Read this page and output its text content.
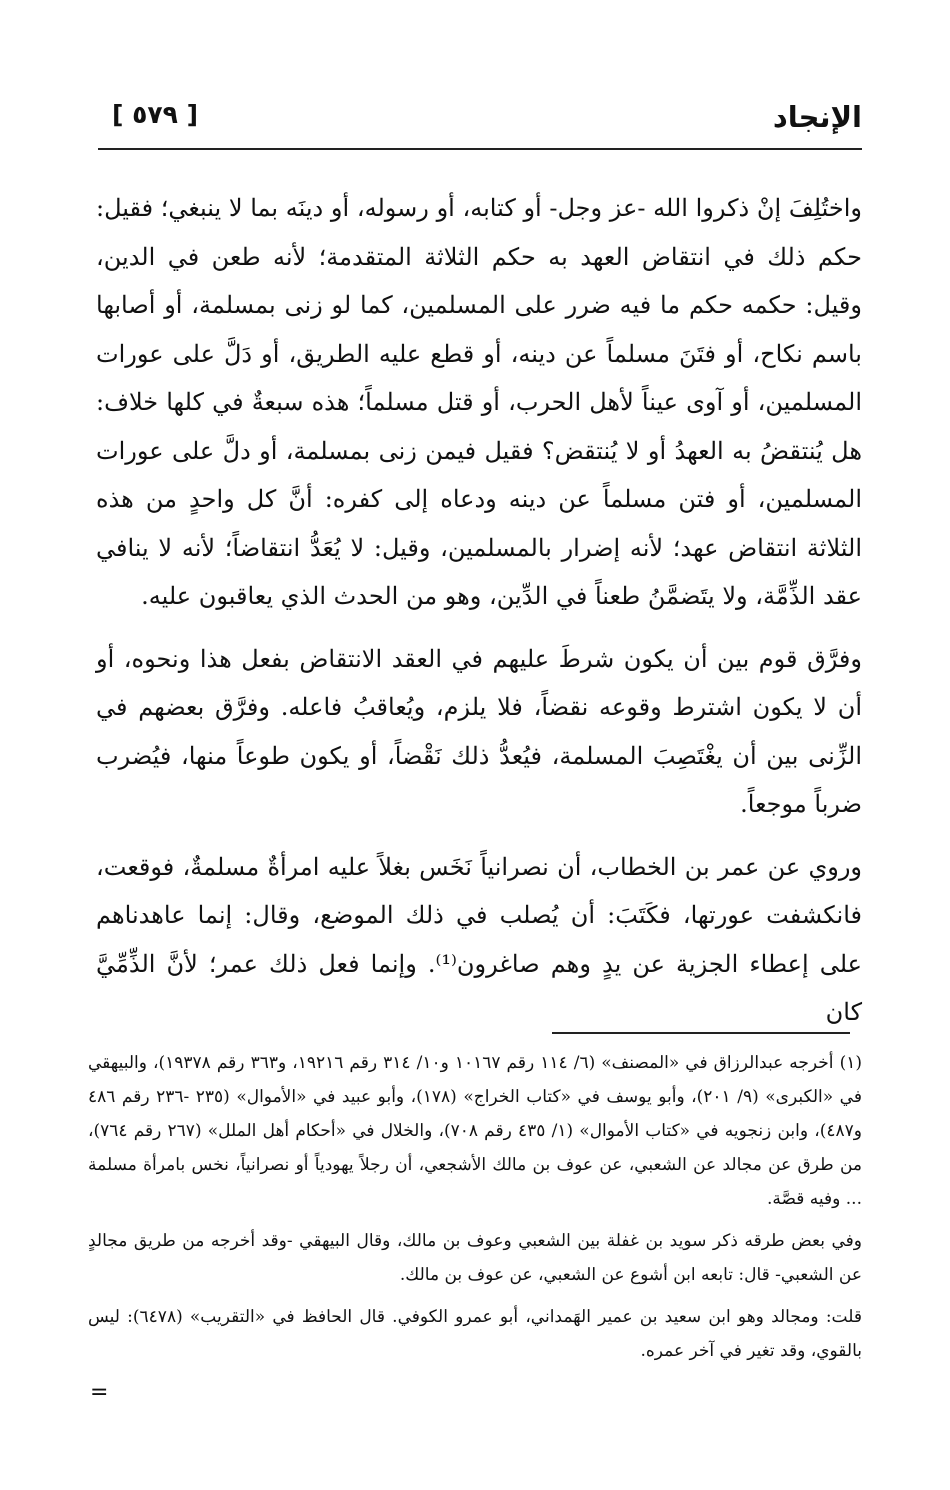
الإنجاد
[ ٥٧٩ ]

واختُلِفَ إنْ ذكروا الله -عز وجل- أو كتابه، أو رسوله، أو دينَه بما لا ينبغي؛ فقيل: حكم ذلك في انتقاض العهد به حكم الثلاثة المتقدمة؛ لأنه طعن في الدين، وقيل: حكمه حكم ما فيه ضرر على المسلمين، كما لو زنى بمسلمة، أو أصابها باسم نكاح، أو فتَنَ مسلماً عن دينه، أو قطع عليه الطريق، أو دَلَّ على عورات المسلمين، أو آوى عيناً لأهل الحرب، أو قتل مسلماً؛ هذه سبعةٌ في كلها خلاف: هل يُنتقضُ به العهدُ أو لا يُنتقض؟ فقيل فيمن زنى بمسلمة، أو دلَّ على عورات المسلمين، أو فتن مسلماً عن دينه ودعاه إلى كفره: أنَّ كل واحدٍ من هذه الثلاثة انتقاض عهد؛ لأنه إضرار بالمسلمين، وقيل: لا يُعَدُّ انتقاضاً؛ لأنه لا ينافي عقد الذِّمَّة، ولا يتَضمَّنُ طعناً في الدِّين، وهو من الحدث الذي يعاقبون عليه.

وفرَّق قوم بين أن يكون شرطَ عليهم في العقد الانتقاض بفعل هذا ونحوه، أو أن لا يكون اشترط وقوعه نقضاً، فلا يلزم، ويُعاقبُ فاعله. وفرَّق بعضهم في الزِّنى بين أن يغْتَصِبَ المسلمة، فيُعدُّ ذلك نَقْضاً، أو يكون طوعاً منها، فيُضرب ضرباً موجعاً.

وروي عن عمر بن الخطاب، أن نصرانياً نَخَس بغلاً عليه امرأةٌ مسلمةٌ، فوقعت، فانكشفت عورتها، فكَتَبَ: أن يُصلب في ذلك الموضع، وقال: إنما عاهدناهم على إعطاء الجزية عن يدٍ وهم صاغرون⁽¹⁾. وإنما فعل ذلك عمر؛ لأنَّ الذِّمِّيَّ كان

(١) أخرجه عبدالرزاق في «المصنف» (٦/ ١١٤ رقم ١٠١٦٧ و١٠/ ٣١٤ رقم ١٩٢١٦، و٣٦٣ رقم ١٩٣٧٨)، والبيهقي في «الكبرى» (٩/ ٢٠١)، وأبو يوسف في «كتاب الخراج» (١٧٨)، وأبو عبيد في «الأموال» (٢٣٥ -٢٣٦ رقم ٤٨٦ و٤٨٧)، وابن زنجويه في «كتاب الأموال» (١/ ٤٣٥ رقم ٧٠٨)، والخلال في «أحكام أهل الملل» (٢٦٧ رقم ٧٦٤)، من طرق عن مجالد عن الشعبي، عن عوف بن مالك الأشجعي، أن رجلاً يهودياً أو نصرانياً، نخس بامرأة مسلمة ... وفيه قصَّة.

وفي بعض طرقه ذكر سويد بن غفلة بين الشعبي وعوف بن مالك، وقال البيهقي -وقد أخرجه من طريق مجالدٍ عن الشعبي- قال: تابعه ابن أشوع عن الشعبي، عن عوف بن مالك.

قلت: ومجالد وهو ابن سعيد بن عمير الهَمداني، أبو عمرو الكوفي. قال الحافظ في «التقريب» (٦٤٧٨): ليس بالقوي، وقد تغير في آخر عمره.

=
